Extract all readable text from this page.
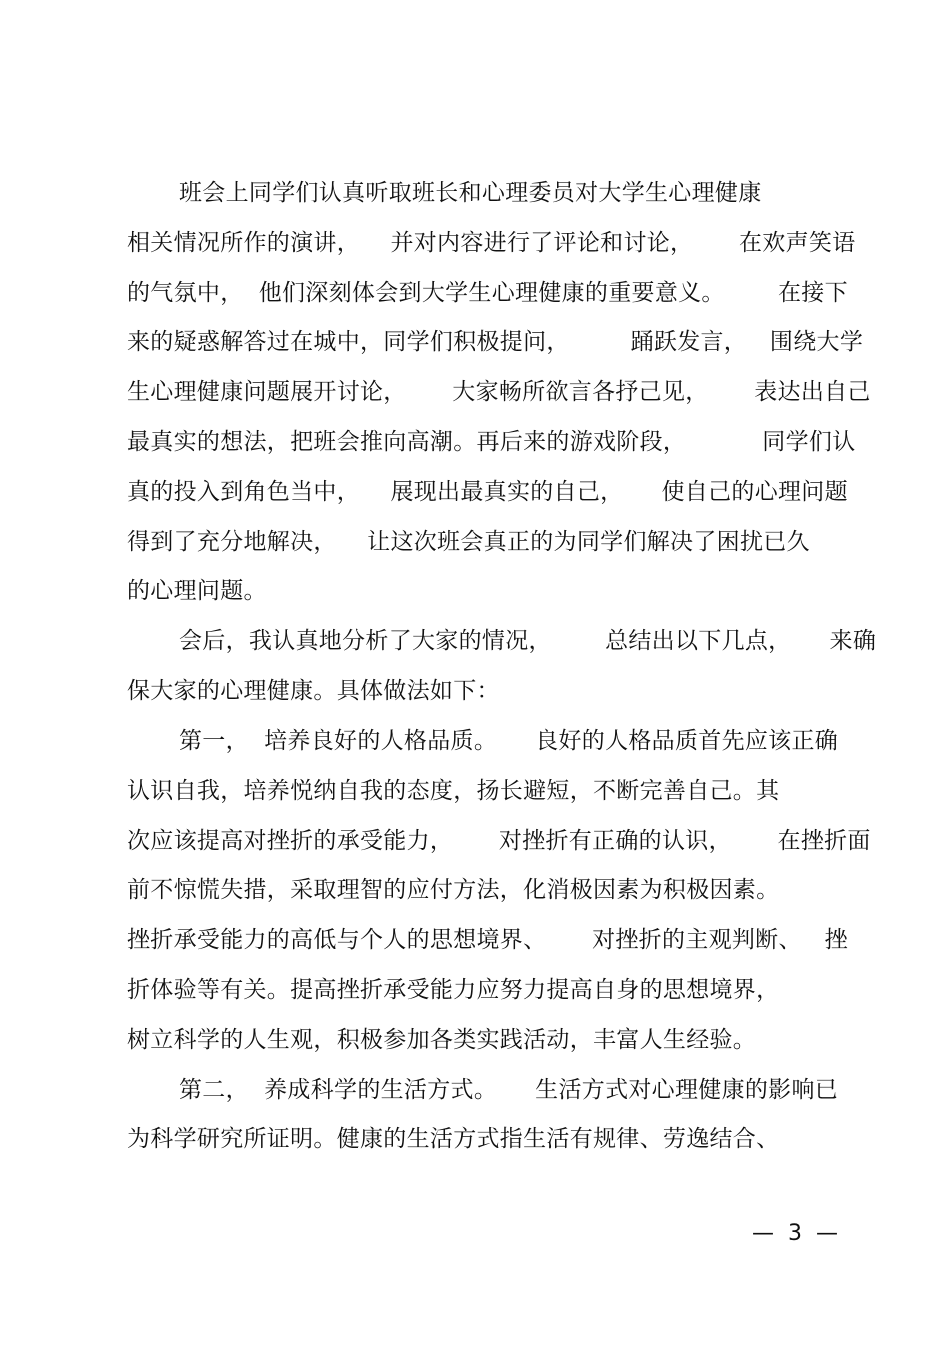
班会上同学们认真听取班长和心理委员对大学生心理健康
相关情况所作的演讲，    并对内容进行了评论和讨论，      在欢声笑语
的气氛中，  他们深刻体会到大学生心理健康的重要意义。       在接下
来的疑惑解答过在城中，同学们积极提问，        踊跃发言，   围绕大学
生心理健康问题展开讨论，      大家畅所欲言各抒己见，      表达出自己
最真实的想法，把班会推向高潮。再后来的游戏阶段，          同学们认
真的投入到角色当中，    展现出最真实的自己，     使自己的心理问题
得到了充分地解决，    让这次班会真正的为同学们解决了困扰已久
的心理问题。
会后，我认真地分析了大家的情况，       总结出以下几点，     来确
保大家的心理健康。具体做法如下：
第一，  培养良好的人格品质。     良好的人格品质首先应该正确
认识自我，培养悦纳自我的态度，扬长避短，不断完善自己。其
次应该提高对挫折的承受能力，      对挫折有正确的认识，      在挫折面
前不惊慌失措，采取理智的应付方法，化消极因素为积极因素。
挫折承受能力的高低与个人的思想境界、      对挫折的主观判断、   挫
折体验等有关。提高挫折承受能力应努力提高自身的思想境界，
树立科学的人生观，积极参加各类实践活动，丰富人生经验。
第二，  养成科学的生活方式。     生活方式对心理健康的影响已
为科学研究所证明。健康的生活方式指生活有规律、劳逸结合、
—  3  —
